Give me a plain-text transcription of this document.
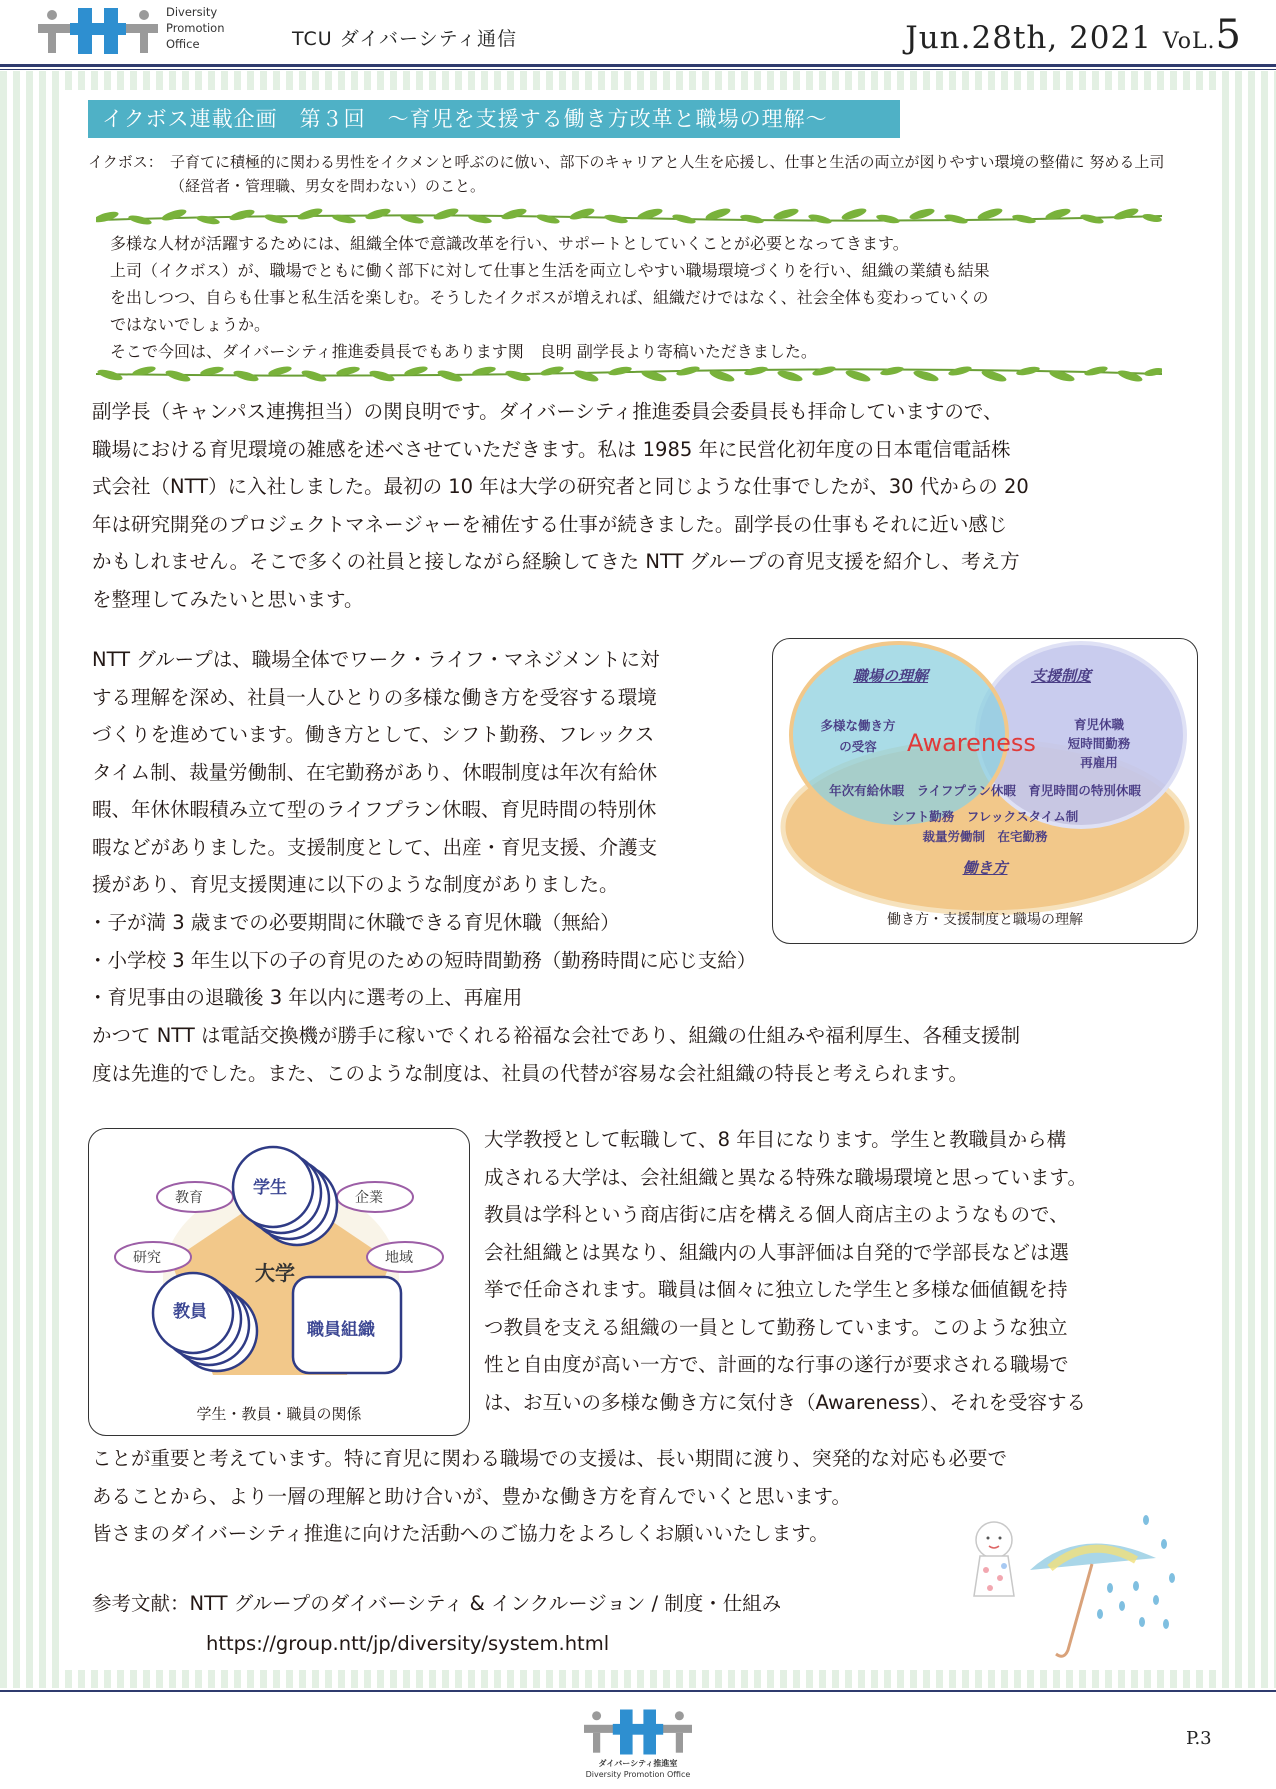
Diversity
Promotion
Office	TCU ダイバーシティ通信	Jun.28th, 2021 VoL.5
イクボス連載企画　第３回　〜育児を支援する働き方改革と職場の理解〜
イクボス： 子育てに積極的に関わる男性をイクメンと呼ぶのに倣い、部下のキャリアと人生を応援し、仕事と生活の両立が図りやすい環境の整備に 努める上司（経営者・管理職、男女を問わない）のこと。
多様な人材が活躍するためには、組織全体で意識改革を行い、サポートとしていくことが必要となってきます。
上司（イクボス）が、職場でともに働く部下に対して仕事と生活を両立しやすい職場環境づくりを行い、組織の業績も結果
を出しつつ、自らも仕事と私生活を楽しむ。そうしたイクボスが増えれば、組織だけではなく、社会全体も変わっていくの
ではないでしょうか。
そこで今回は、ダイバーシティ推進委員長でもあります関　良明 副学長より寄稿いただきました。
副学長（キャンパス連携担当）の関良明です。ダイバーシティ推進委員会委員長も拝命していますので、
職場における育児環境の雑感を述べさせていただきます。私は 1985 年に民営化初年度の日本電信電話株
式会社（NTT）に入社しました。最初の 10 年は大学の研究者と同じような仕事でしたが、30 代からの 20
年は研究開発のプロジェクトマネージャーを補佐する仕事が続きました。副学長の仕事もそれに近い感じ
かもしれません。そこで多くの社員と接しながら経験してきた NTT グループの育児支援を紹介し、考え方
を整理してみたいと思います。
NTT グループは、職場全体でワーク・ライフ・マネジメントに対
する理解を深め、社員一人ひとりの多様な働き方を受容する環境
づくりを進めています。働き方として、シフト勤務、フレックス
タイム制、裁量労働制、在宅勤務があり、休暇制度は年次有給休
暇、年休休暇積み立て型のライフプラン休暇、育児時間の特別休
暇などがありました。支援制度として、出産・育児支援、介護支
援があり、育児支援関連に以下のような制度がありました。
職場の理解	支援制度
多様な働き方
の受容	Awareness
育児休職
短時間勤務
再雇用
年次有給休暇　ライフプラン休暇　育児時間の特別休暇
シフト勤務　フレックスタイム制
裁量労働制　在宅勤務
働き方
働き方・支援制度と職場の理解
・子が満 3 歳までの必要期間に休職できる育児休職（無給）
・小学校 3 年生以下の子の育児のための短時間勤務（勤務時間に応じ支給）
・育児事由の退職後 3 年以内に選考の上、再雇用
かつて NTT は電話交換機が勝手に稼いでくれる裕福な会社であり、組織の仕組みや福利厚生、各種支援制
度は先進的でした。また、このような制度は、社員の代替が容易な会社組織の特長と考えられます。
学生
教員
職員組織
大学
教育	企業
研究	地域
学生・教員・職員の関係
大学教授として転職して、8 年目になります。学生と教職員から構
成される大学は、会社組織と異なる特殊な職場環境と思っています。
教員は学科という商店街に店を構える個人商店主のようなもので、
会社組織とは異なり、組織内の人事評価は自発的で学部長などは選
挙で任命されます。職員は個々に独立した学生と多様な価値観を持
つ教員を支える組織の一員として勤務しています。このような独立
性と自由度が高い一方で、計画的な行事の遂行が要求される職場で
は、お互いの多様な働き方に気付き（Awareness）、それを受容する
ことが重要と考えています。特に育児に関わる職場での支援は、長い期間に渡り、突発的な対応も必要で
あることから、より一層の理解と助け合いが、豊かな働き方を育んでいくと思います。
皆さまのダイバーシティ推進に向けた活動へのご協力をよろしくお願いいたします。
参考文献：NTT グループのダイバーシティ & インクルージョン / 制度・仕組み
https://group.ntt/jp/diversity/system.html
ダイバーシティ推進室
Diversity Promotion Office
P.3
